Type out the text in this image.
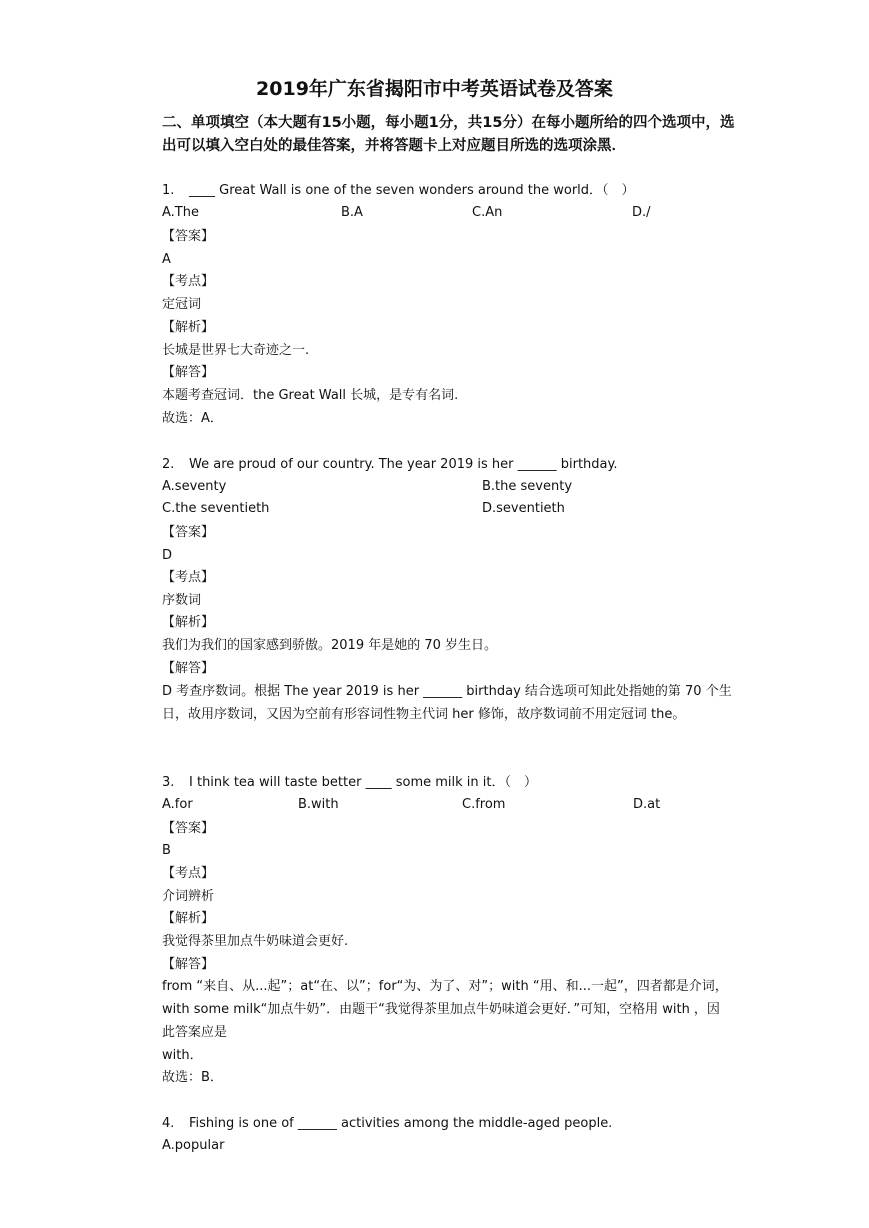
2019年广东省揭阳市中考英语试卷及答案
二、单项填空（本大题有15小题，每小题1分，共15分）在每小题所给的四个选项中，选出可以填入空白处的最佳答案，并将答题卡上对应题目所选的选项涂黑．
1. ____ Great Wall is one of the seven wonders around the world．（　）
A.The	B.A	C.An	D./
【答案】
A
【考点】
定冠词
【解析】
长城是世界七大奇迹之一.
【解答】
本题考查冠词．the Great Wall 长城，是专有名词.
故选：A．
2. We are proud of our country. The year 2019 is her ______ birthday.
A.seventy	B.the seventy
C.the seventieth	D.seventieth
【答案】
D
【考点】
序数词
【解析】
我们为我们的国家感到骄傲。2019 年是她的 70 岁生日。
【解答】
D 考查序数词。根据 The year 2019 is her ______ birthday 结合选项可知此处指她的第 70 个生日，故用序数词，又因为空前有形容词性物主代词 her 修饰，故序数词前不用定冠词 the。
3. I think tea will taste better ____ some milk in it．（　）
A.for	B.with	C.from	D.at
【答案】
B
【考点】
介词辨析
【解析】
我觉得茶里加点牛奶味道会更好.
【解答】
from “来自、从...起”；at“在、以”；for“为、为了、对”；with “用、和...一起”，四者都是介词，with some milk“加点牛奶”．由题干“我觉得茶里加点牛奶味道会更好．”可知，空格用 with ，因此答案应是
with．
故选：B．
4. Fishing is one of ______ activities among the middle-aged people.
A.popular
